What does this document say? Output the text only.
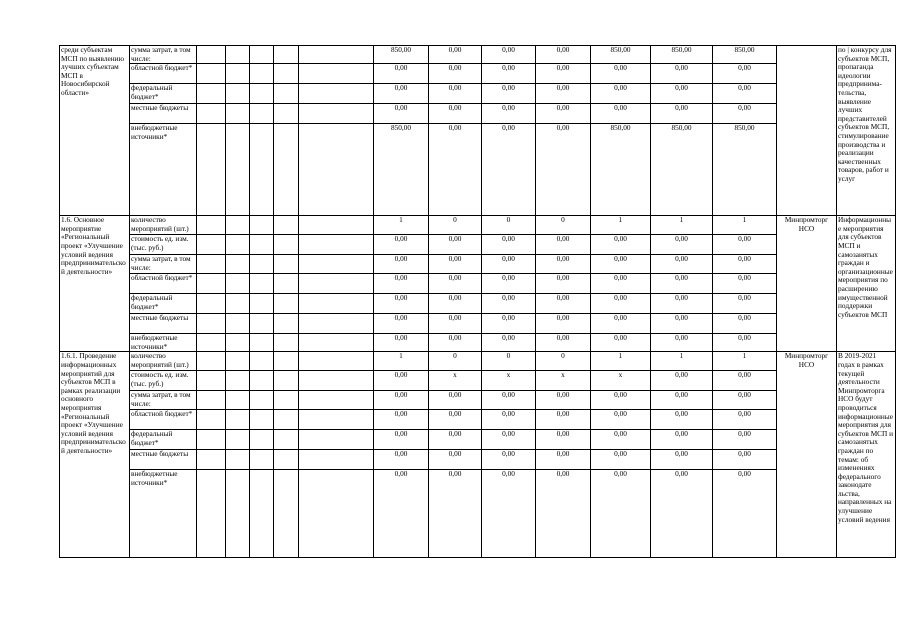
среди субъектам МСП по выявлению лучших субъектам МСП в Новосибирской области»	сумма затрат, в том числе:						850,00	0,00	0,00	0,00	850,00	850,00	850,00		по | конкурсу для субъектов МСП, пропаганда идеологии предпринима-тельства, выявление лучших представителей субъектов МСП, стимулирование производства и реализации качественных товаров, работ и услуг
	областной бюджет*						0,00	0,00	0,00	0,00	0,00	0,00	0,00		
	федеральный бюджет*						0,00	0,00	0,00	0,00	0,00	0,00	0,00		
	местные бюджеты						0,00	0,00	0,00	0,00	0,00	0,00	0,00		
	внебюджетные источники*						850,00	0,00	0,00	0,00	850,00	850,00	850,00		
1.6. Основное мероприятие «Региональный проект «Улучшение условий ведения предпринимательской деятельности»	количество мероприятий (шт.)						1	0	0	0	1	1	1	Минпромторг НСО	Информационные мероприятия для субъектов МСП и самозанятых граждан и организационные мероприятия по расширению имущественной поддержки субъектов МСП
	стоимость ед. изм. (тыс. руб.)						0,00	0,00	0,00	0,00	0,00	0,00	0,00		
	сумма затрат, в том числе:						0,00	0,00	0,00	0,00	0,00	0,00	0,00		
	областной бюджет*						0,00	0,00	0,00	0,00	0,00	0,00	0,00		
	федеральный бюджет*						0,00	0,00	0,00	0,00	0,00	0,00	0,00		
	местные бюджеты						0,00	0,00	0,00	0,00	0,00	0,00	0,00		
	внебюджетные источники*						0,00	0,00	0,00	0,00	0,00	0,00	0,00		
1.6.1. Проведение информационных мероприятий для субъектов МСП в рамках реализации основного мероприятия «Региональный проект «Улучшение условий ведения предпринимательской деятельности»	количество мероприятий (шт.)						1	0	0	0	1	1	1	Минпромторг НСО	В 2019-2021 годах в рамках текущей деятельности Минпромторга НСО будут проводиться информационные мероприятия для субъектов МСП и самозанятых граждан по темам: об изменениях федерального законодате льства, направленных на улучшение условий ведения
	стоимость ед. изм. (тыс. руб.)						0,00	x	x	x	x	0,00	0,00		
	сумма затрат, в том числе:						0,00	0,00	0,00	0,00	0,00	0,00	0,00		
	областной бюджет*						0,00	0,00	0,00	0,00	0,00	0,00	0,00		
	федеральный бюджет*						0,00	0,00	0,00	0,00	0,00	0,00	0,00		
	местные бюджеты						0,00	0,00	0,00	0,00	0,00	0,00	0,00		
	внебюджетные источники*						0,00	0,00	0,00	0,00	0,00	0,00	0,00		
